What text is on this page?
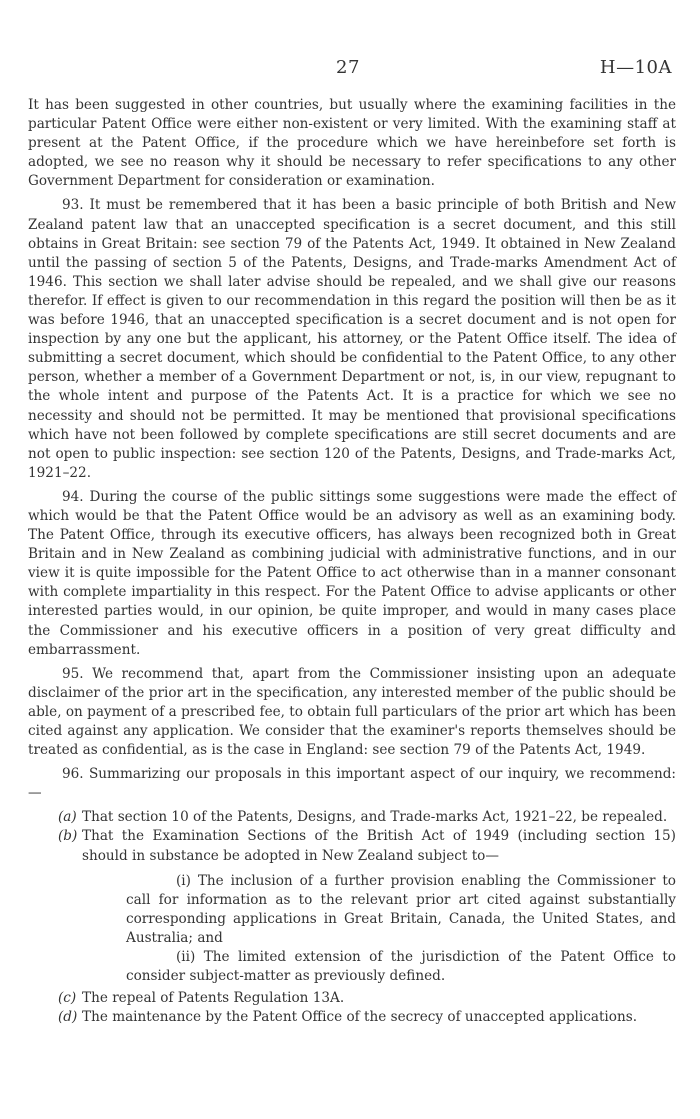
27	H—10A

It has been suggested in other countries, but usually where the examining facilities in the particular Patent Office were either non-existent or very limited. With the examining staff at present at the Patent Office, if the procedure which we have hereinbefore set forth is adopted, we see no reason why it should be necessary to refer specifications to any other Government Department for consideration or examination.

93. It must be remembered that it has been a basic principle of both British and New Zealand patent law that an unaccepted specification is a secret document, and this still obtains in Great Britain: see section 79 of the Patents Act, 1949. It obtained in New Zealand until the passing of section 5 of the Patents, Designs, and Trade-marks Amendment Act of 1946. This section we shall later advise should be repealed, and we shall give our reasons therefor. If effect is given to our recommendation in this regard the position will then be as it was before 1946, that an unaccepted specification is a secret document and is not open for inspection by any one but the applicant, his attorney, or the Patent Office itself. The idea of submitting a secret document, which should be confidential to the Patent Office, to any other person, whether a member of a Government Department or not, is, in our view, repugnant to the whole intent and purpose of the Patents Act. It is a practice for which we see no necessity and should not be permitted. It may be mentioned that provisional specifications which have not been followed by complete specifications are still secret documents and are not open to public inspection: see section 120 of the Patents, Designs, and Trade-marks Act, 1921–22.

94. During the course of the public sittings some suggestions were made the effect of which would be that the Patent Office would be an advisory as well as an examining body. The Patent Office, through its executive officers, has always been recognized both in Great Britain and in New Zealand as combining judicial with administrative functions, and in our view it is quite impossible for the Patent Office to act otherwise than in a manner consonant with complete impartiality in this respect. For the Patent Office to advise applicants or other interested parties would, in our opinion, be quite improper, and would in many cases place the Commissioner and his executive officers in a position of very great difficulty and embarrassment.

95. We recommend that, apart from the Commissioner insisting upon an adequate disclaimer of the prior art in the specification, any interested member of the public should be able, on payment of a prescribed fee, to obtain full particulars of the prior art which has been cited against any application. We consider that the examiner's reports themselves should be treated as confidential, as is the case in England: see section 79 of the Patents Act, 1949.

96. Summarizing our proposals in this important aspect of our inquiry, we recommend:—

(a) That section 10 of the Patents, Designs, and Trade-marks Act, 1921–22, be repealed.
(b) That the Examination Sections of the British Act of 1949 (including section 15) should in substance be adopted in New Zealand subject to—
(i) The inclusion of a further provision enabling the Commissioner to call for information as to the relevant prior art cited against substantially corresponding applications in Great Britain, Canada, the United States, and Australia; and
(ii) The limited extension of the jurisdiction of the Patent Office to consider subject-matter as previously defined.
(c) The repeal of Patents Regulation 13A.
(d) The maintenance by the Patent Office of the secrecy of unaccepted applications.
